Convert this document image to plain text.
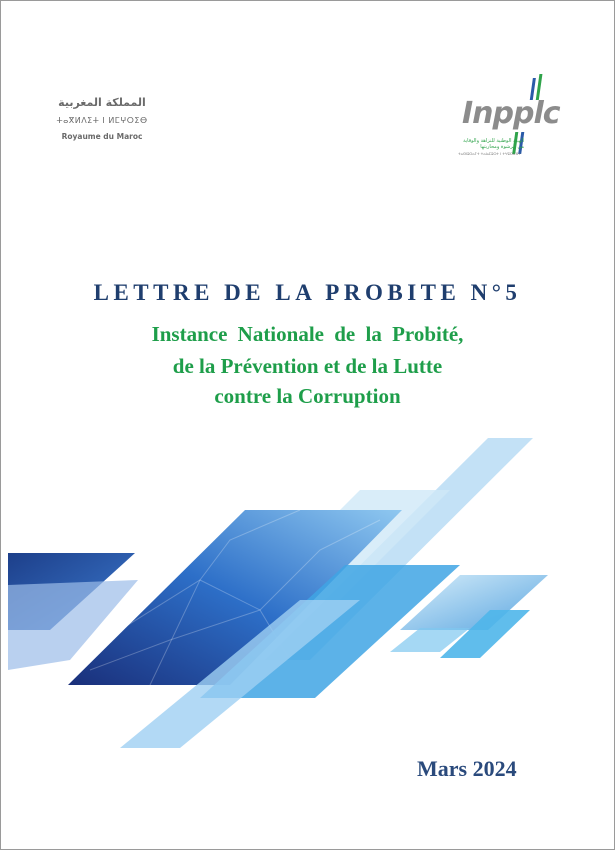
المملكة المغربية
ⵜⴰⴳⵍⴷⵉⵜ ⵏ ⵍⵎⵖⵔⵉⴱ
Royaume du Maroc
Inpplc
الهيئة الوطنية للنزاهة والوقاية من الرشوة ومحاربتها
ⵜⴰⵙⵏⵓⵔⴰⵢⵜ ⵜⴰⵏⴰⵎⵓⵔⵜ ⵏ ⵜⵖⵓⵔⴰⴼⵜ
LETTRE DE LA PROBITE N°5
Instance Nationale de la Probité,
de la Prévention et de la Lutte
contre la Corruption
Mars 2024
